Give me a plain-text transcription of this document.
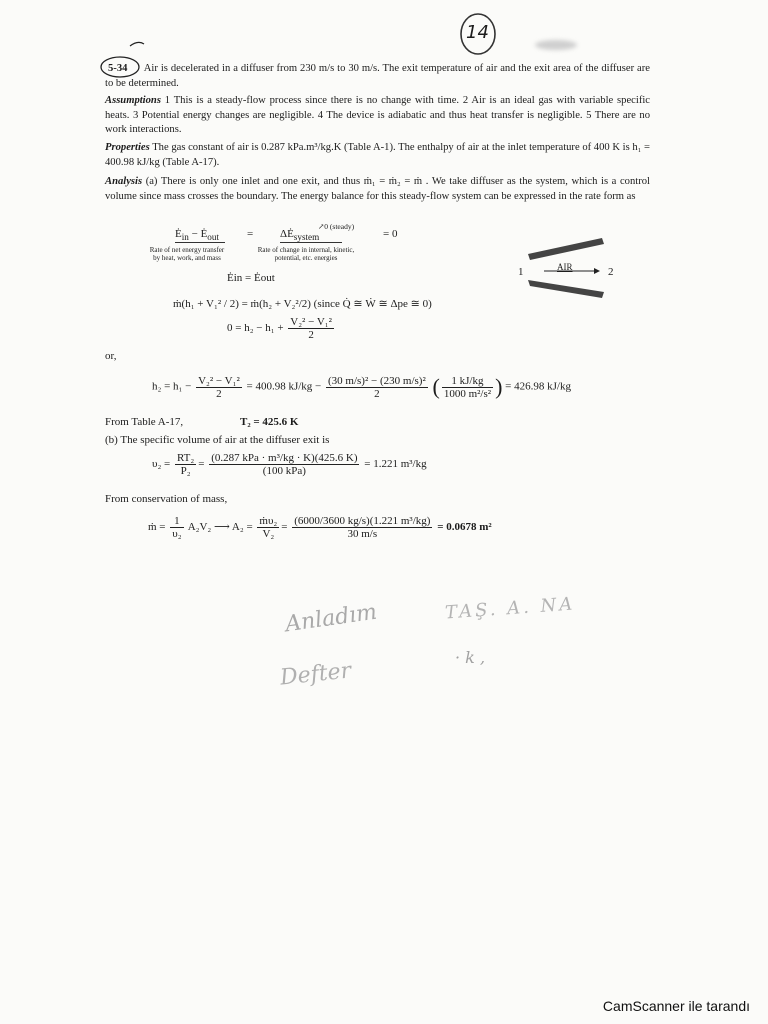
14
5-34 Air is decelerated in a diffuser from 230 m/s to 30 m/s. The exit temperature of air and the exit area of the diffuser are to be determined.
Assumptions 1 This is a steady-flow process since there is no change with time. 2 Air is an ideal gas with variable specific heats. 3 Potential energy changes are negligible. 4 The device is adiabatic and thus heat transfer is negligible. 5 There are no work interactions.
Properties The gas constant of air is 0.287 kPa.m³/kg.K (Table A-1). The enthalpy of air at the inlet temperature of 400 K is h₁ = 400.98 kJ/kg (Table A-17).
Analysis (a) There is only one inlet and one exit, and thus ṁ₁ = ṁ₂ = ṁ . We take diffuser as the system, which is a control volume since mass crosses the boundary. The energy balance for this steady-flow system can be expressed in the rate form as
$Ė_{in}$ − $Ė_{out}$	= $\Delta Ė_{system}$
↗0 (steady)
= 0
Rate of net energy transfer by heat, work, and mass
Rate of change in internal, kinetic, potential, etc. energies
Ėin = Ėout
ṁ(h₁ + V₁² / 2) = ṁ(h₂ + V₂²/2) (since Q̇ ≅ Ẇ ≅ Δpe ≅ 0)
$0 = h_2 - h_1 + \frac{\text{V₂² − V₁²}}{2}$
1	2
AIR
or,
$h_2 = h_1 - \frac{\text{V₂² − V₁²}}{2} = 400.98$ $kJ/kg - \frac{\text{(30 m/s)² − (230 m/s)²}}{2}$ ( $\frac{1 kJ/kg}{\text{1000 m²/s²}}$ ) = 426.98 kJ/kg
From Table A-17,	T₂ = 425.6 K
(b) The specific volume of air at the diffuser exit is
$\upsilon_2 = \frac{\text{RT₂}}{\text{P₂}} = \frac{\text{(0.287 kPa · m³/kg · K)(425.6 K)}}{\text{(100 kPa)}} = 1.221$ m³/kg
From conservation of mass,
ṁ = $\frac{1}{\text{υ₂}} A_2V_2$ ⟶ $A_2 = \frac{\text{ṁυ₂}}{\text{V₂}} = \frac{\text{(6000/3600 kg/s)(1.221 m³/kg)}}{30 m/s} = 0.0678$ m²
Anladım
Defter
TAŞ. A. NA
· k ,
CamScanner ile tarandı
